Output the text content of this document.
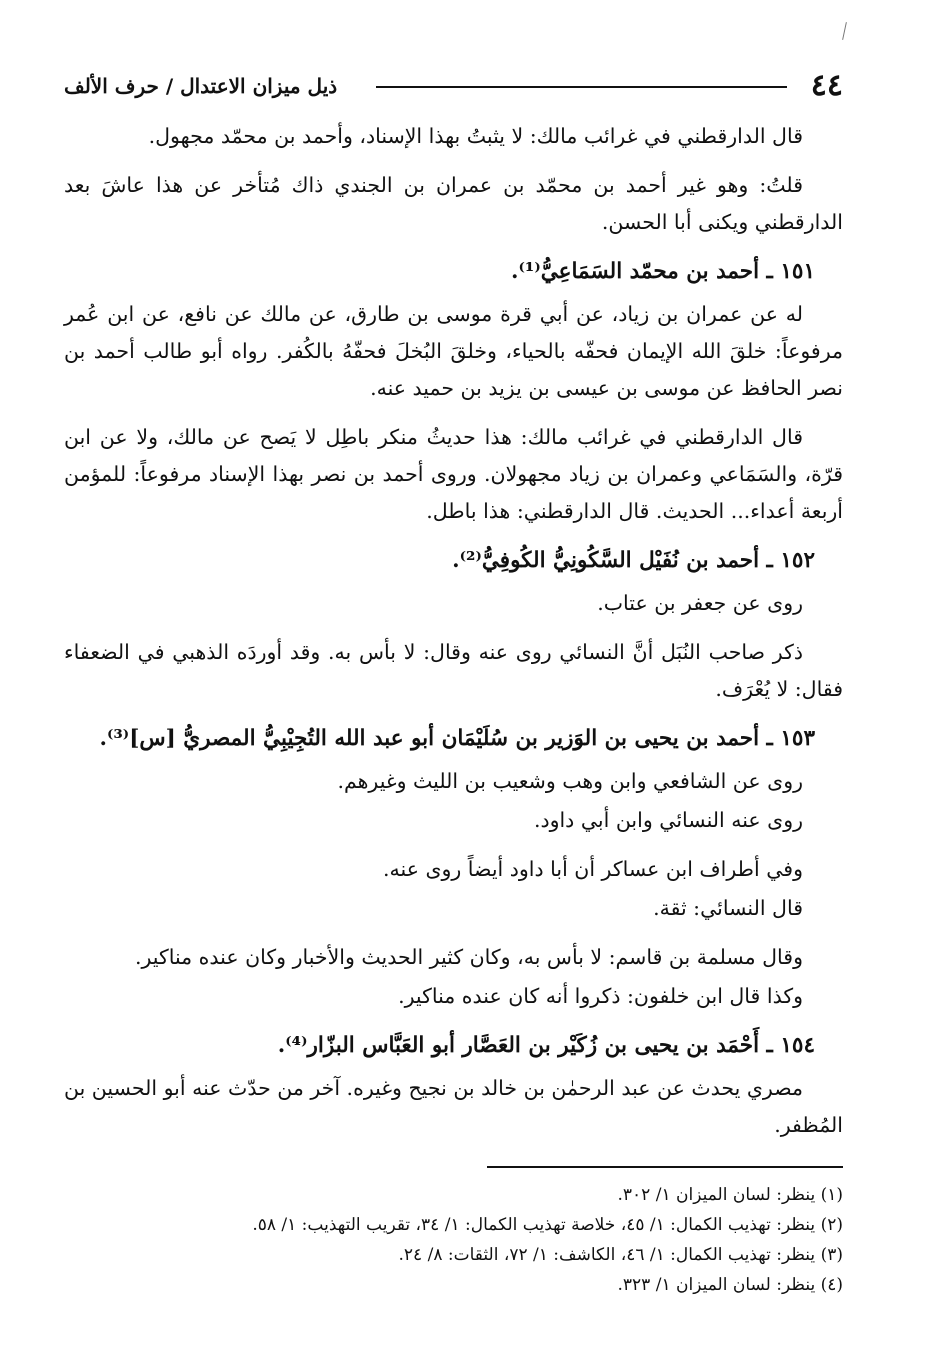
٤٤
ذيل ميزان الاعتدال / حرف الألف

قال الدارقطني في غرائب مالك: لا يثبتُ بهذا الإسناد، وأحمد بن محمّد مجهول.

قلتُ: وهو غير أحمد بن محمّد بن عمران بن الجندي ذاك مُتأخر عن هذا عاشَ بعد الدارقطني ويكنى أبا الحسن.

١٥١ ـ أحمد بن محمّد السَمَاعِيُّ⁽¹⁾.

له عن عمران بن زياد، عن أبي قرة موسى بن طارق، عن مالك عن نافع، عن ابن عُمر مرفوعاً: خلقَ الله الإيمان فحفّه بالحياء، وخلقَ البُخلَ فحفّهُ بالكُفر. رواه أبو طالب أحمد بن نصر الحافظ عن موسى بن عيسى بن يزيد بن حميد عنه.

قال الدارقطني في غرائب مالك: هذا حديثُ منكر باطِل لا يَصح عن مالك، ولا عن ابن قرّة، والسَمَاعي وعمران بن زياد مجهولان. وروى أحمد بن نصر بهذا الإسناد مرفوعاً: للمؤمن أربعة أعداء... الحديث. قال الدارقطني: هذا باطل.

١٥٢ ـ أحمد بن نُفَيْل السَّكُونِيُّ الكُوفِيُّ⁽²⁾.

روى عن جعفر بن عتاب.

ذكر صاحب النُبَل أنَّ النسائي روى عنه وقال: لا بأس به. وقد أوردَه الذهبي في الضعفاء فقال: لا يُعْرَف.

١٥٣ ـ أحمد بن يحيى بن الوَزير بن سُلَيْمَان أبو عبد الله التُجِيْبِيُّ المصريُّ [س]⁽³⁾.

روى عن الشافعي وابن وهب وشعيب بن الليث وغيرهم.

روى عنه النسائي وابن أبي داود.

وفي أطراف ابن عساكر أن أبا داود أيضاً روى عنه.

قال النسائي: ثقة.

وقال مسلمة بن قاسم: لا بأس به، وكان كثير الحديث والأخبار وكان عنده مناكير.

وكذا قال ابن خلفون: ذكروا أنه كان عنده مناكير.

١٥٤ ـ أَحْمَد بن يحيى بن زُكَيْر بن العَصَّار أبو العَبَّاس البزّار⁽⁴⁾.

مصري يحدث عن عبد الرحمٰن بن خالد بن نجيح وغيره. آخر من حدّث عنه أبو الحسين بن المُظفر.

(١) ينظر: لسان الميزان ١/ ٣٠٢.

(٢) ينظر: تهذيب الكمال: ١/ ٤٥، خلاصة تهذيب الكمال: ١/ ٣٤، تقريب التهذيب: ١/ ٥٨.

(٣) ينظر: تهذيب الكمال: ١/ ٤٦، الكاشف: ١/ ٧٢، الثقات: ٨/ ٢٤.

(٤) ينظر: لسان الميزان ١/ ٣٢٣.
